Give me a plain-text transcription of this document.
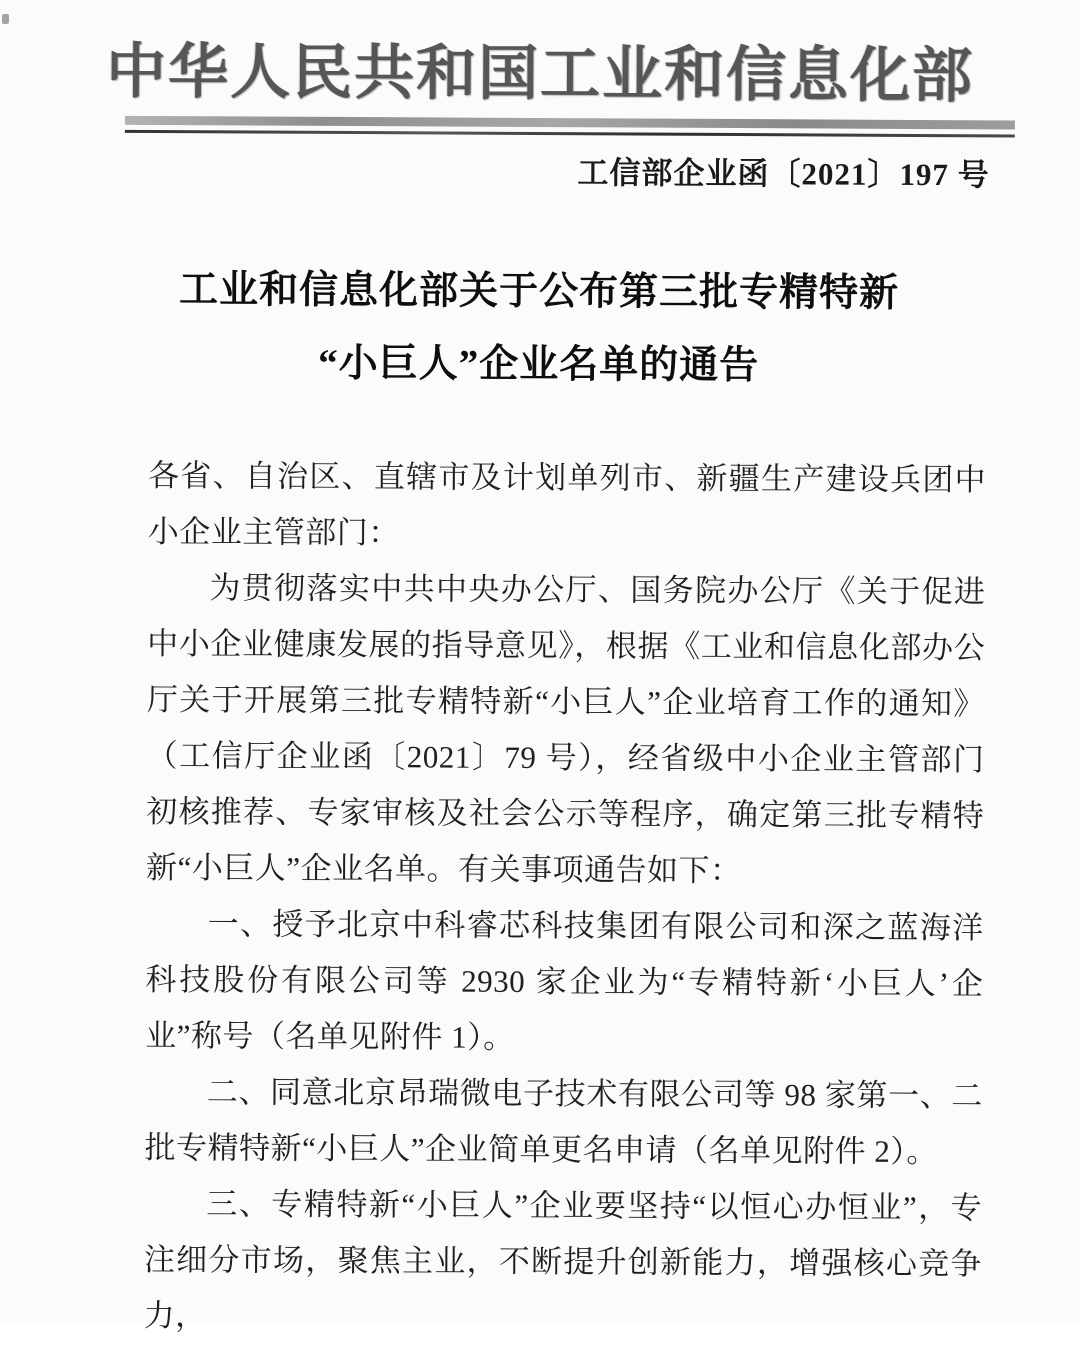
中华人民共和国工业和信息化部
工信部企业函〔2021〕197 号
工业和信息化部关于公布第三批专精特新
“小巨人”企业名单的通告

各省、自治区、直辖市及计划单列市、新疆生产建设兵团中小企业主管部门：

为贯彻落实中共中央办公厅、国务院办公厅《关于促进中小企业健康发展的指导意见》，根据《工业和信息化部办公厅关于开展第三批专精特新“小巨人”企业培育工作的通知》（工信厅企业函〔2021〕79 号），经省级中小企业主管部门初核推荐、专家审核及社会公示等程序，确定第三批专精特新“小巨人”企业名单。有关事项通告如下：

一、授予北京中科睿芯科技集团有限公司和深之蓝海洋科技股份有限公司等 2930 家企业为“专精特新‘小巨人’企业”称号（名单见附件 1）。

二、同意北京昂瑞微电子技术有限公司等 98 家第一、二批专精特新“小巨人”企业简单更名申请（名单见附件 2）。

三、专精特新“小巨人”企业要坚持“以恒心办恒业”，专注细分市场，聚焦主业，不断提升创新能力，增强核心竞争力，
